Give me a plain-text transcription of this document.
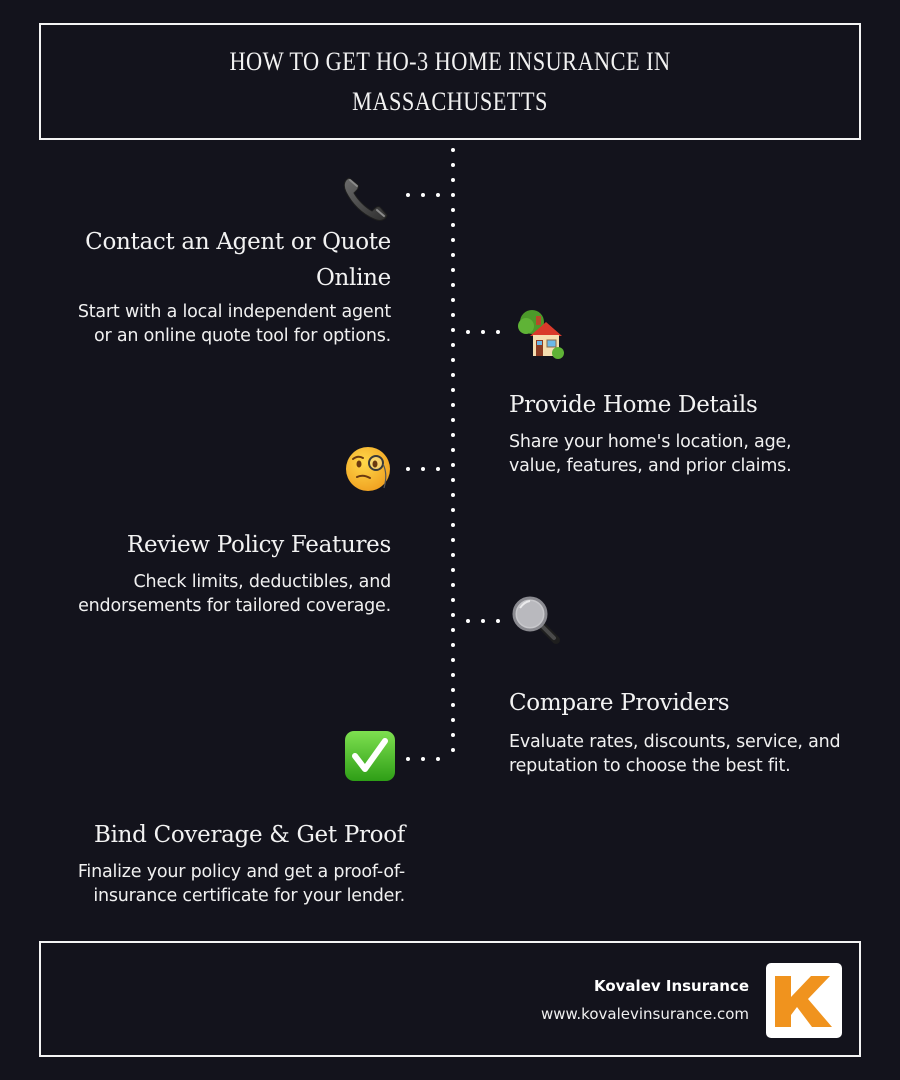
HOW TO GET HO-3 HOME INSURANCE IN
MASSACHUSETTS
Contact an Agent or Quote
Online
Start with a local independent agent
or an online quote tool for options.
Provide Home Details
Share your home's location, age,
value, features, and prior claims.
Review Policy Features
Check limits, deductibles, and
endorsements for tailored coverage.
Compare Providers
Evaluate rates, discounts, service, and
reputation to choose the best fit.
Bind Coverage & Get Proof
Finalize your policy and get a proof-of-
insurance certificate for your lender.
Kovalev Insurance
www.kovalevinsurance.com
